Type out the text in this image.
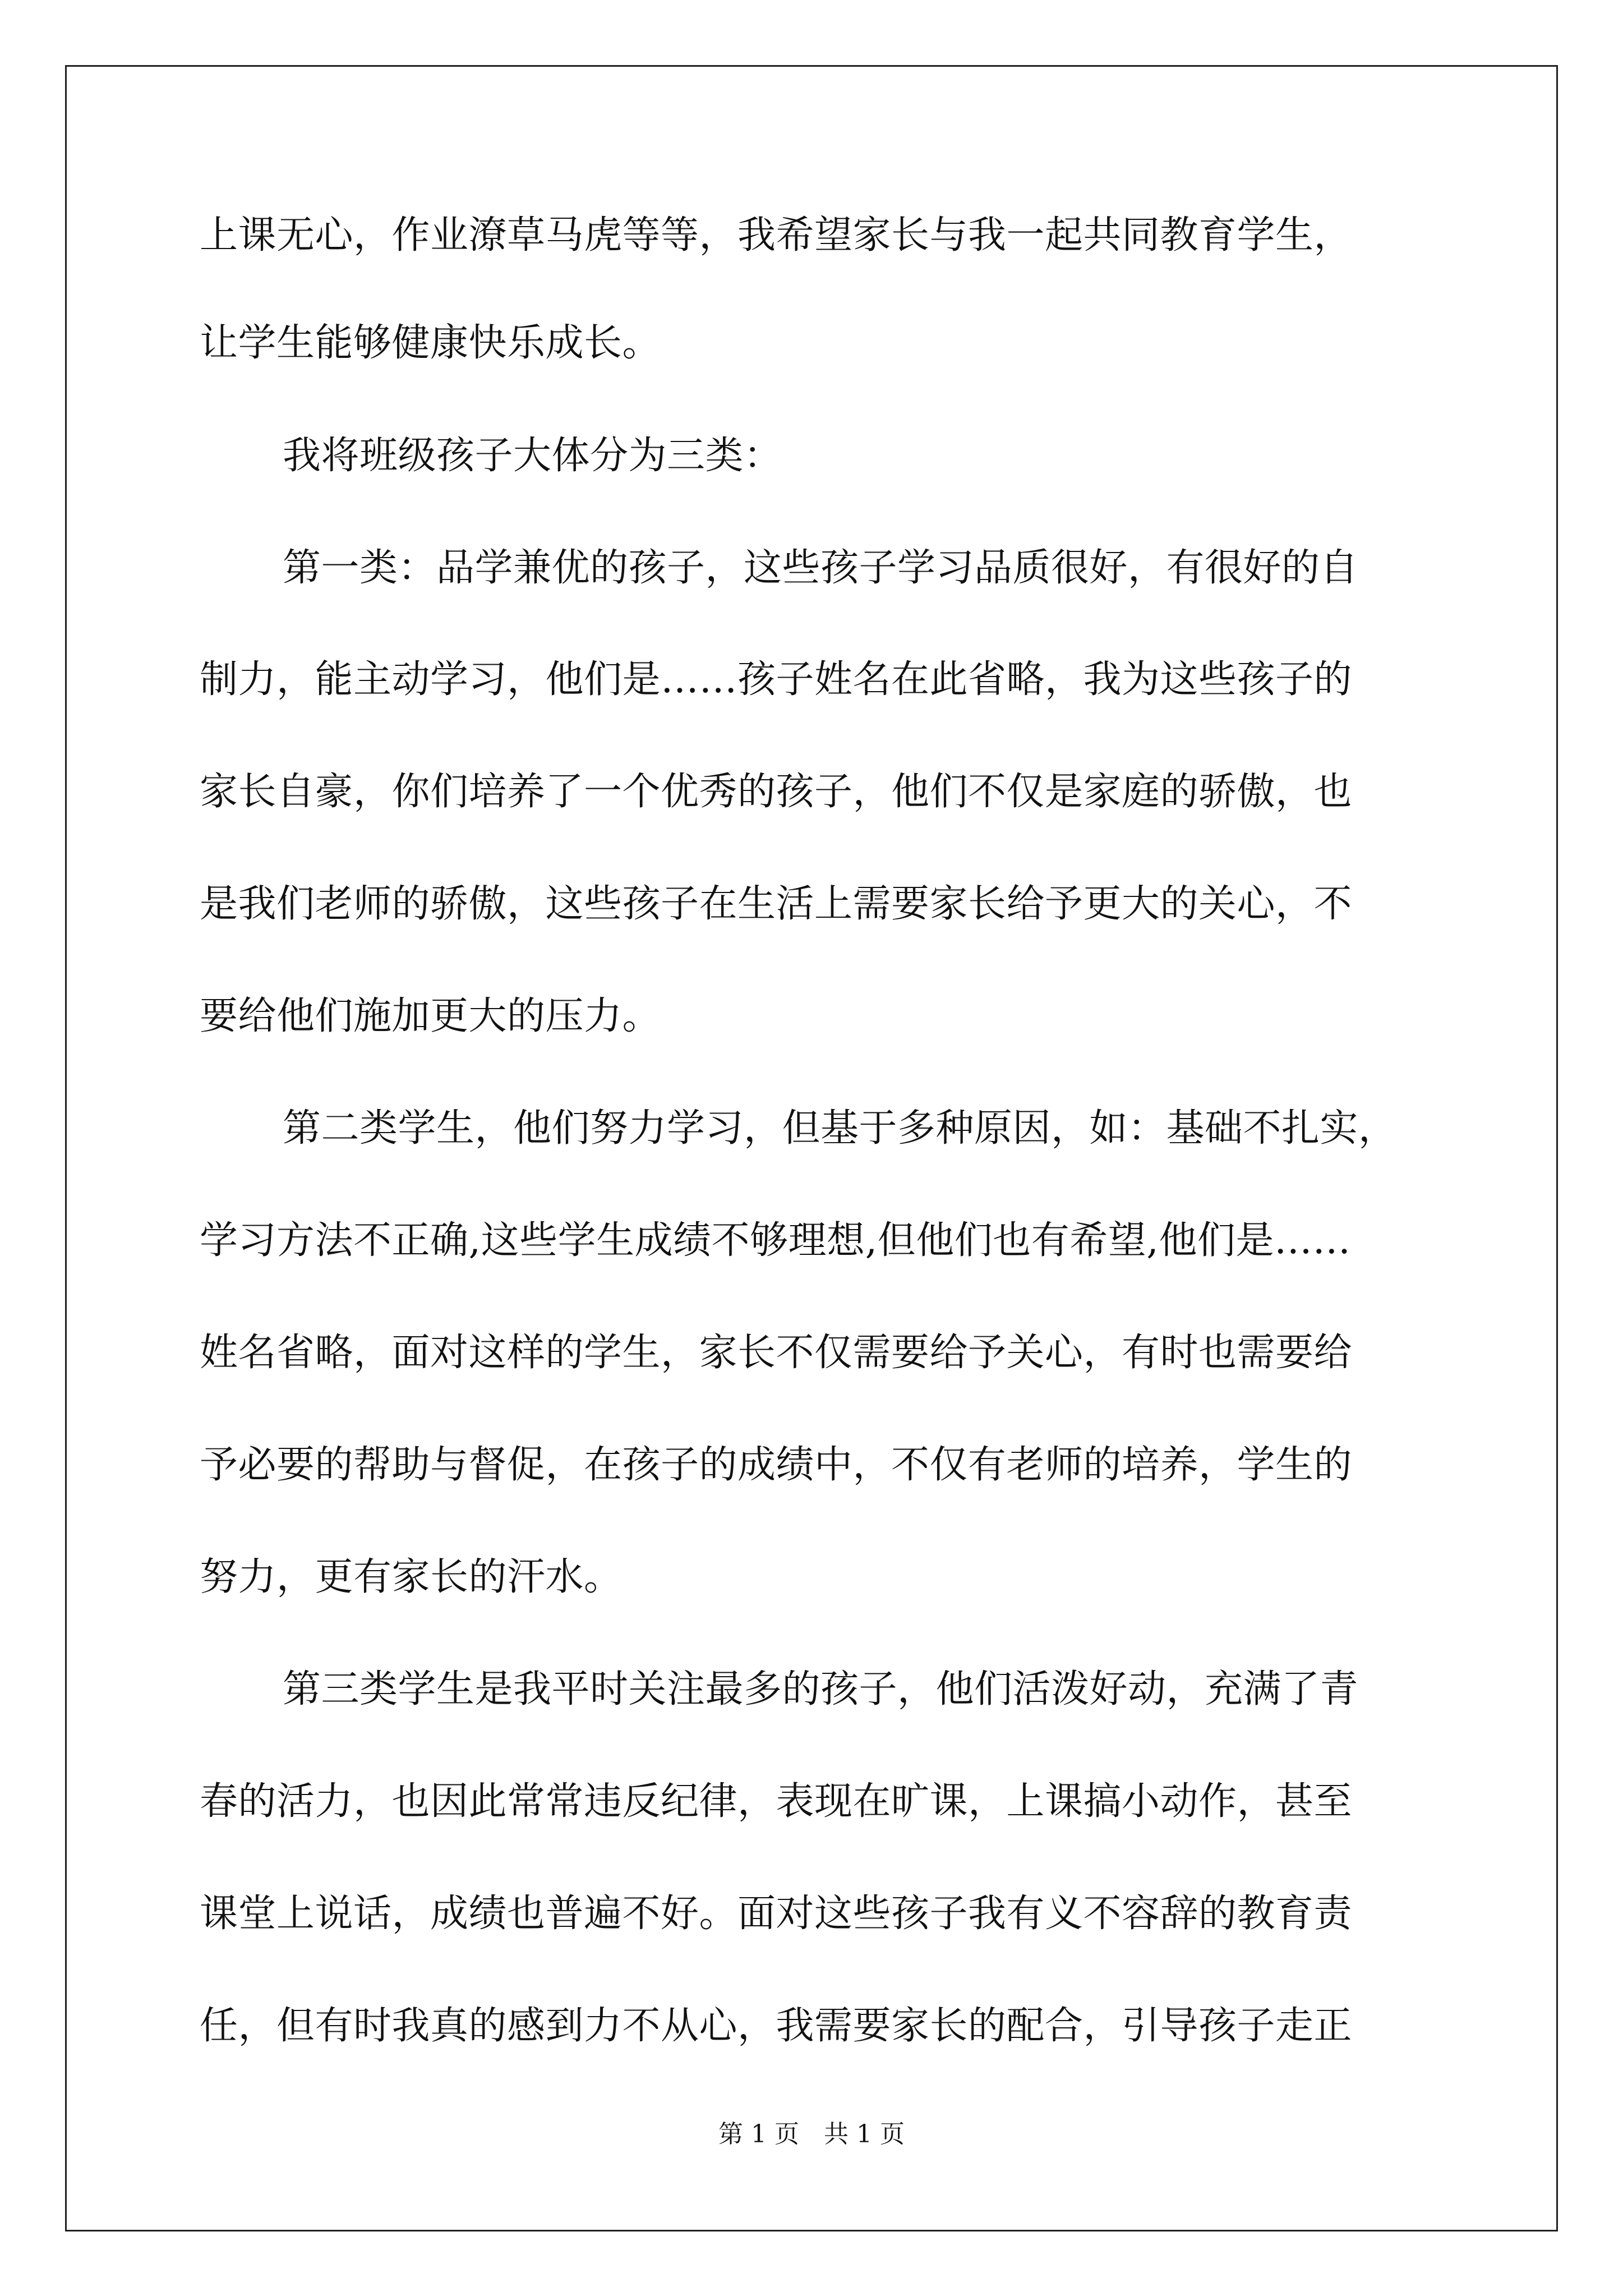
上课无心，作业潦草马虎等等，我希望家长与我一起共同教育学生，
让学生能够健康快乐成长。
我将班级孩子大体分为三类：
第一类：品学兼优的孩子，这些孩子学习品质很好，有很好的自
制力，能主动学习，他们是……孩子姓名在此省略，我为这些孩子的
家长自豪，你们培养了一个优秀的孩子，他们不仅是家庭的骄傲，也
是我们老师的骄傲，这些孩子在生活上需要家长给予更大的关心，不
要给他们施加更大的压力。
第二类学生，他们努力学习，但基于多种原因，如：基础不扎实，
学习方法不正确,这些学生成绩不够理想,但他们也有希望,他们是……
姓名省略，面对这样的学生，家长不仅需要给予关心，有时也需要给
予必要的帮助与督促，在孩子的成绩中，不仅有老师的培养，学生的
努力，更有家长的汗水。
第三类学生是我平时关注最多的孩子，他们活泼好动，充满了青
春的活力，也因此常常违反纪律，表现在旷课，上课搞小动作，甚至
课堂上说话，成绩也普遍不好。面对这些孩子我有义不容辞的教育责
任，但有时我真的感到力不从心，我需要家长的配合，引导孩子走正
第 1 页　共 1 页
